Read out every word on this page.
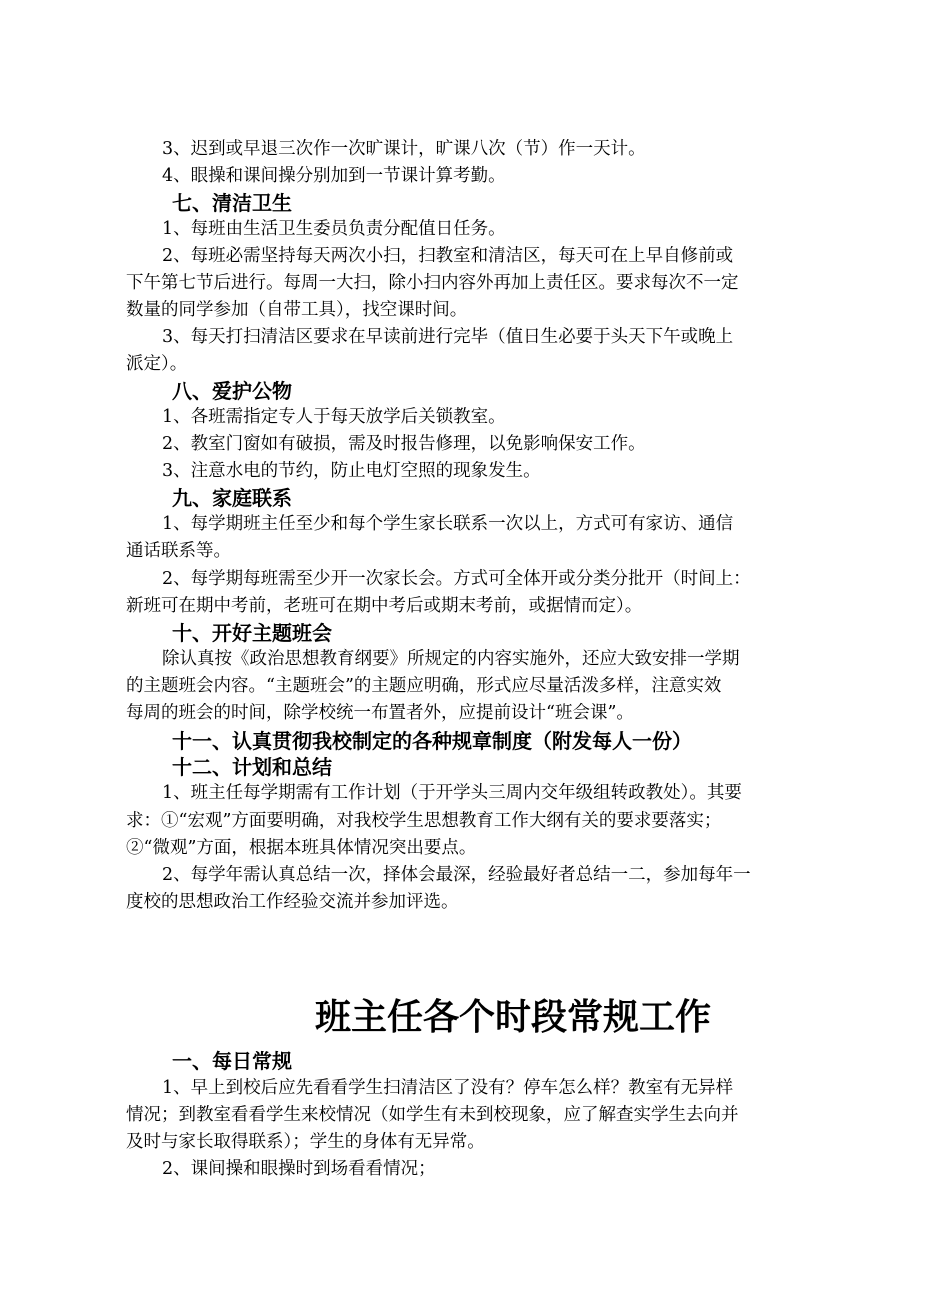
3、迟到或早退三次作一次旷课计，旷课八次（节）作一天计。
4、眼操和课间操分别加到一节课计算考勤。
七、清洁卫生
1、每班由生活卫生委员负责分配值日任务。
2、每班必需坚持每天两次小扫，扫教室和清洁区，每天可在上早自修前或
下午第七节后进行。每周一大扫，除小扫内容外再加上责任区。要求每次不一定
数量的同学参加（自带工具），找空课时间。
3、每天打扫清洁区要求在早读前进行完毕（值日生必要于头天下午或晚上
派定）。
八、爱护公物
1、各班需指定专人于每天放学后关锁教室。
2、教室门窗如有破损，需及时报告修理，以免影响保安工作。
3、注意水电的节约，防止电灯空照的现象发生。
九、家庭联系
1、每学期班主任至少和每个学生家长联系一次以上，方式可有家访、通信
通话联系等。
2、每学期每班需至少开一次家长会。方式可全体开或分类分批开（时间上：
新班可在期中考前，老班可在期中考后或期末考前，或据情而定）。
十、开好主题班会
除认真按《政治思想教育纲要》所规定的内容实施外，还应大致安排一学期
的主题班会内容。“主题班会”的主题应明确，形式应尽量活泼多样，注意实效
每周的班会的时间，除学校统一布置者外，应提前设计“班会课”。
十一、认真贯彻我校制定的各种规章制度（附发每人一份）
十二、计划和总结
1、班主任每学期需有工作计划（于开学头三周内交年级组转政教处）。其要
求：①“宏观”方面要明确，对我校学生思想教育工作大纲有关的要求要落实；
②“微观”方面，根据本班具体情况突出要点。
2、每学年需认真总结一次，择体会最深，经验最好者总结一二，参加每年一
度校的思想政治工作经验交流并参加评选。
班主任各个时段常规工作
一、每日常规
1、早上到校后应先看看学生扫清洁区了没有？停车怎么样？教室有无异样
情况；到教室看看学生来校情况（如学生有未到校现象，应了解查实学生去向并
及时与家长取得联系）；学生的身体有无异常。
2、课间操和眼操时到场看看情况；
